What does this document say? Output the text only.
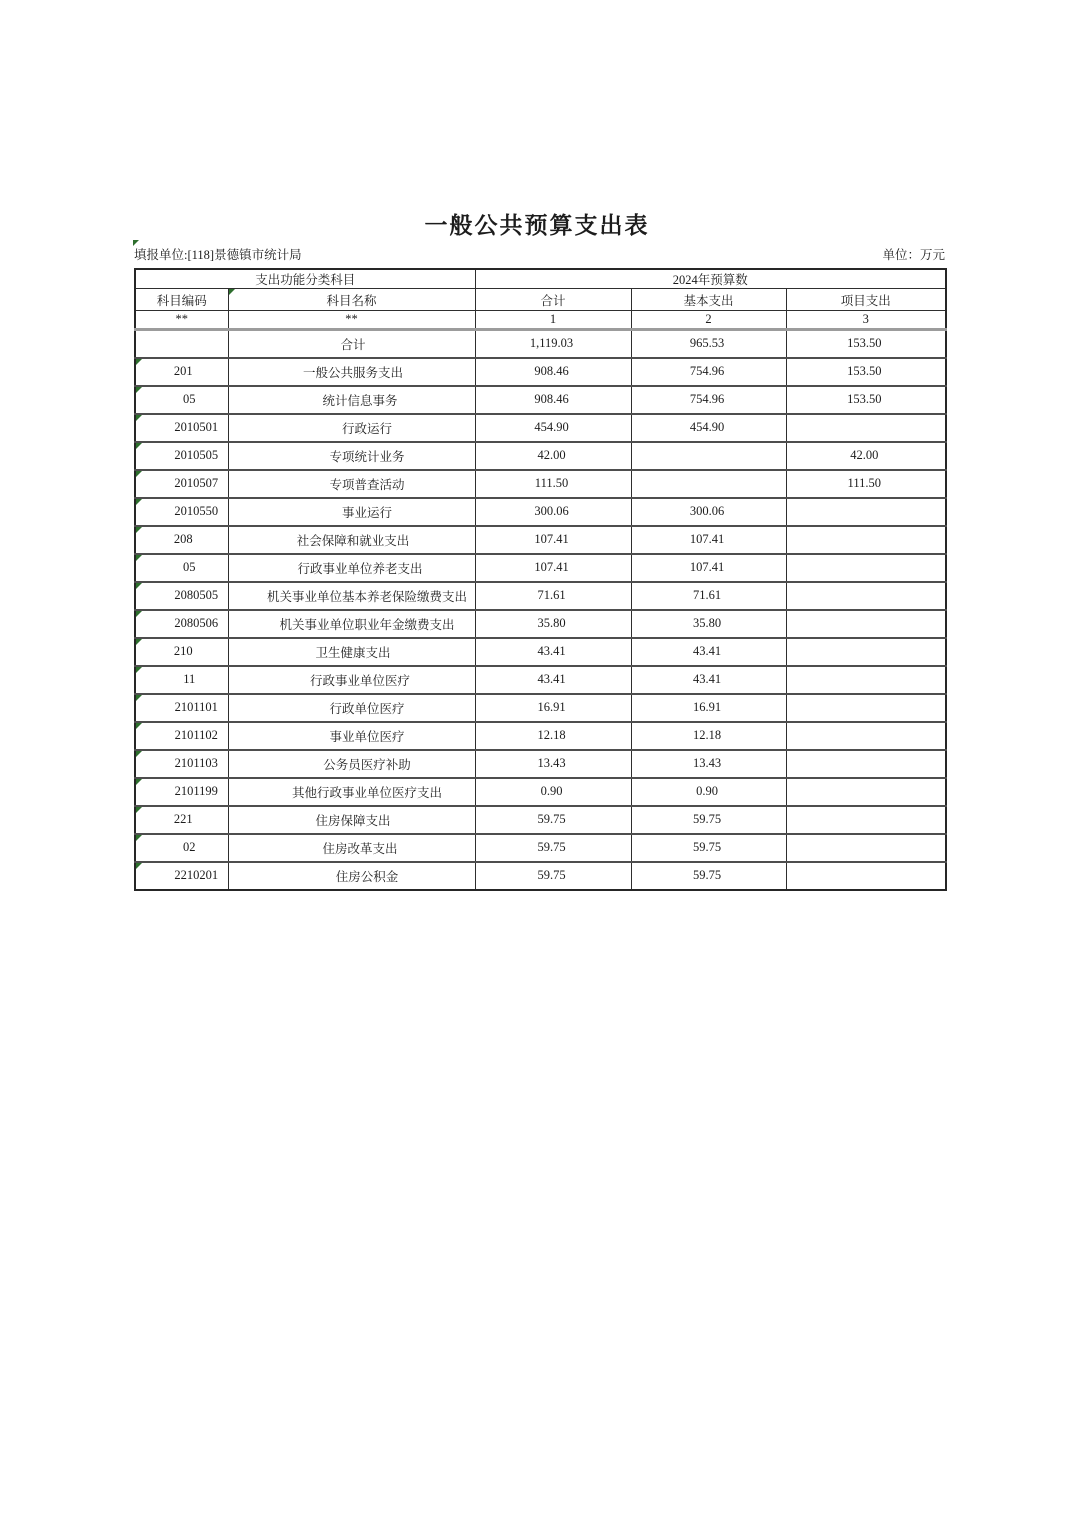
一般公共预算支出表
填报单位:[118]景德镇市统计局	单位：万元
支出功能分类科目		2024年预算数		
科目编码	科目名称	合计	基本支出	项目支出
**	**	1	2	3
	合计	1,119.03	965.53	153.50

201	一般公共服务支出	908.46	754.96	153.50

05	统计信息事务	908.46	754.96	153.50

2010501	行政运行	454.90	454.90	

2010505	专项统计业务	42.00		42.00

2010507	专项普查活动	111.50		111.50

2010550	事业运行	300.06	300.06	

208	社会保障和就业支出	107.41	107.41	

05	行政事业单位养老支出	107.41	107.41	

2080505	机关事业单位基本养老保险缴费支出	71.61	71.61	

2080506	机关事业单位职业年金缴费支出	35.80	35.80	

210	卫生健康支出	43.41	43.41	

11	行政事业单位医疗	43.41	43.41	

2101101	行政单位医疗	16.91	16.91	

2101102	事业单位医疗	12.18	12.18	

2101103	公务员医疗补助	13.43	13.43	

2101199	其他行政事业单位医疗支出	0.90	0.90	

221	住房保障支出	59.75	59.75	

02	住房改革支出	59.75	59.75	

2210201	住房公积金	59.75	59.75	
